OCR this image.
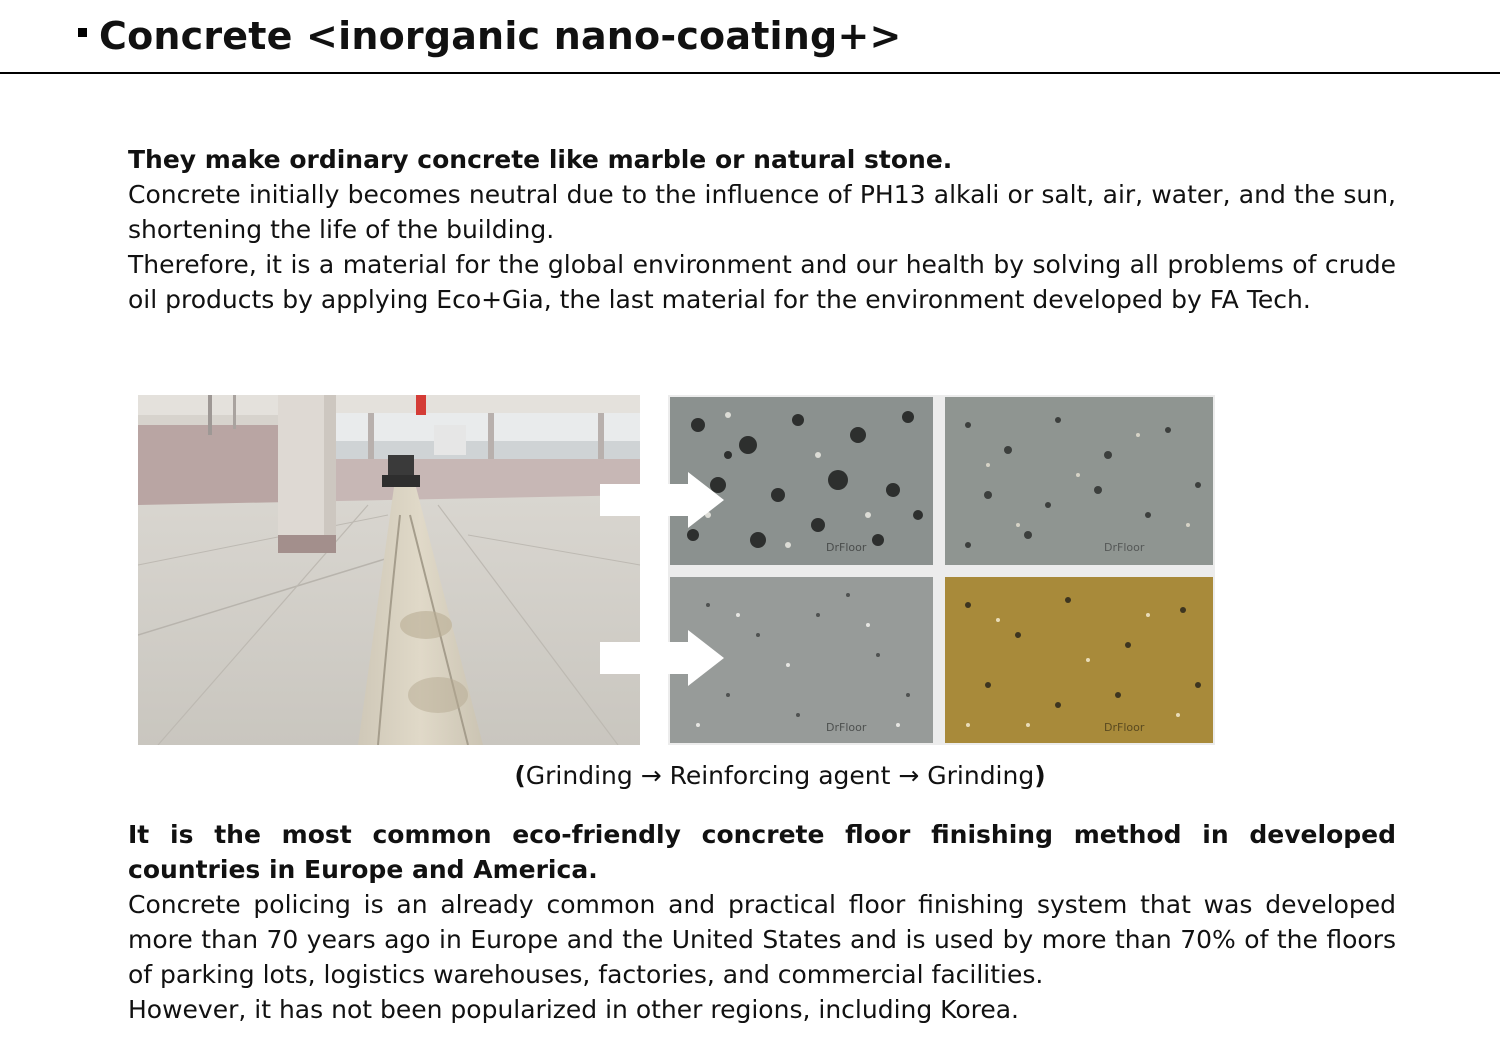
Concrete <inorganic nano-coating+>

They make ordinary concrete like marble or natural stone.

Concrete initially becomes neutral due to the influence of PH13 alkali or salt, air, water, and the sun, shortening the life of the building.

Therefore, it is a material for the global environment and our health by solving all problems of crude oil products by applying Eco+Gia, the last material for the environment developed by FA Tech.

DrFloor	DrFloor
DrFloor	DrFloor
(Grinding → Reinforcing agent → Grinding)

It is the most common eco-friendly concrete floor finishing method in developed countries in Europe and America.

Concrete policing is an already common and practical floor finishing system that was developed more than 70 years ago in Europe and the United States and is used by more than 70% of the floors of parking lots, logistics warehouses, factories, and commercial facilities.

However, it has not been popularized in other regions, including Korea.
